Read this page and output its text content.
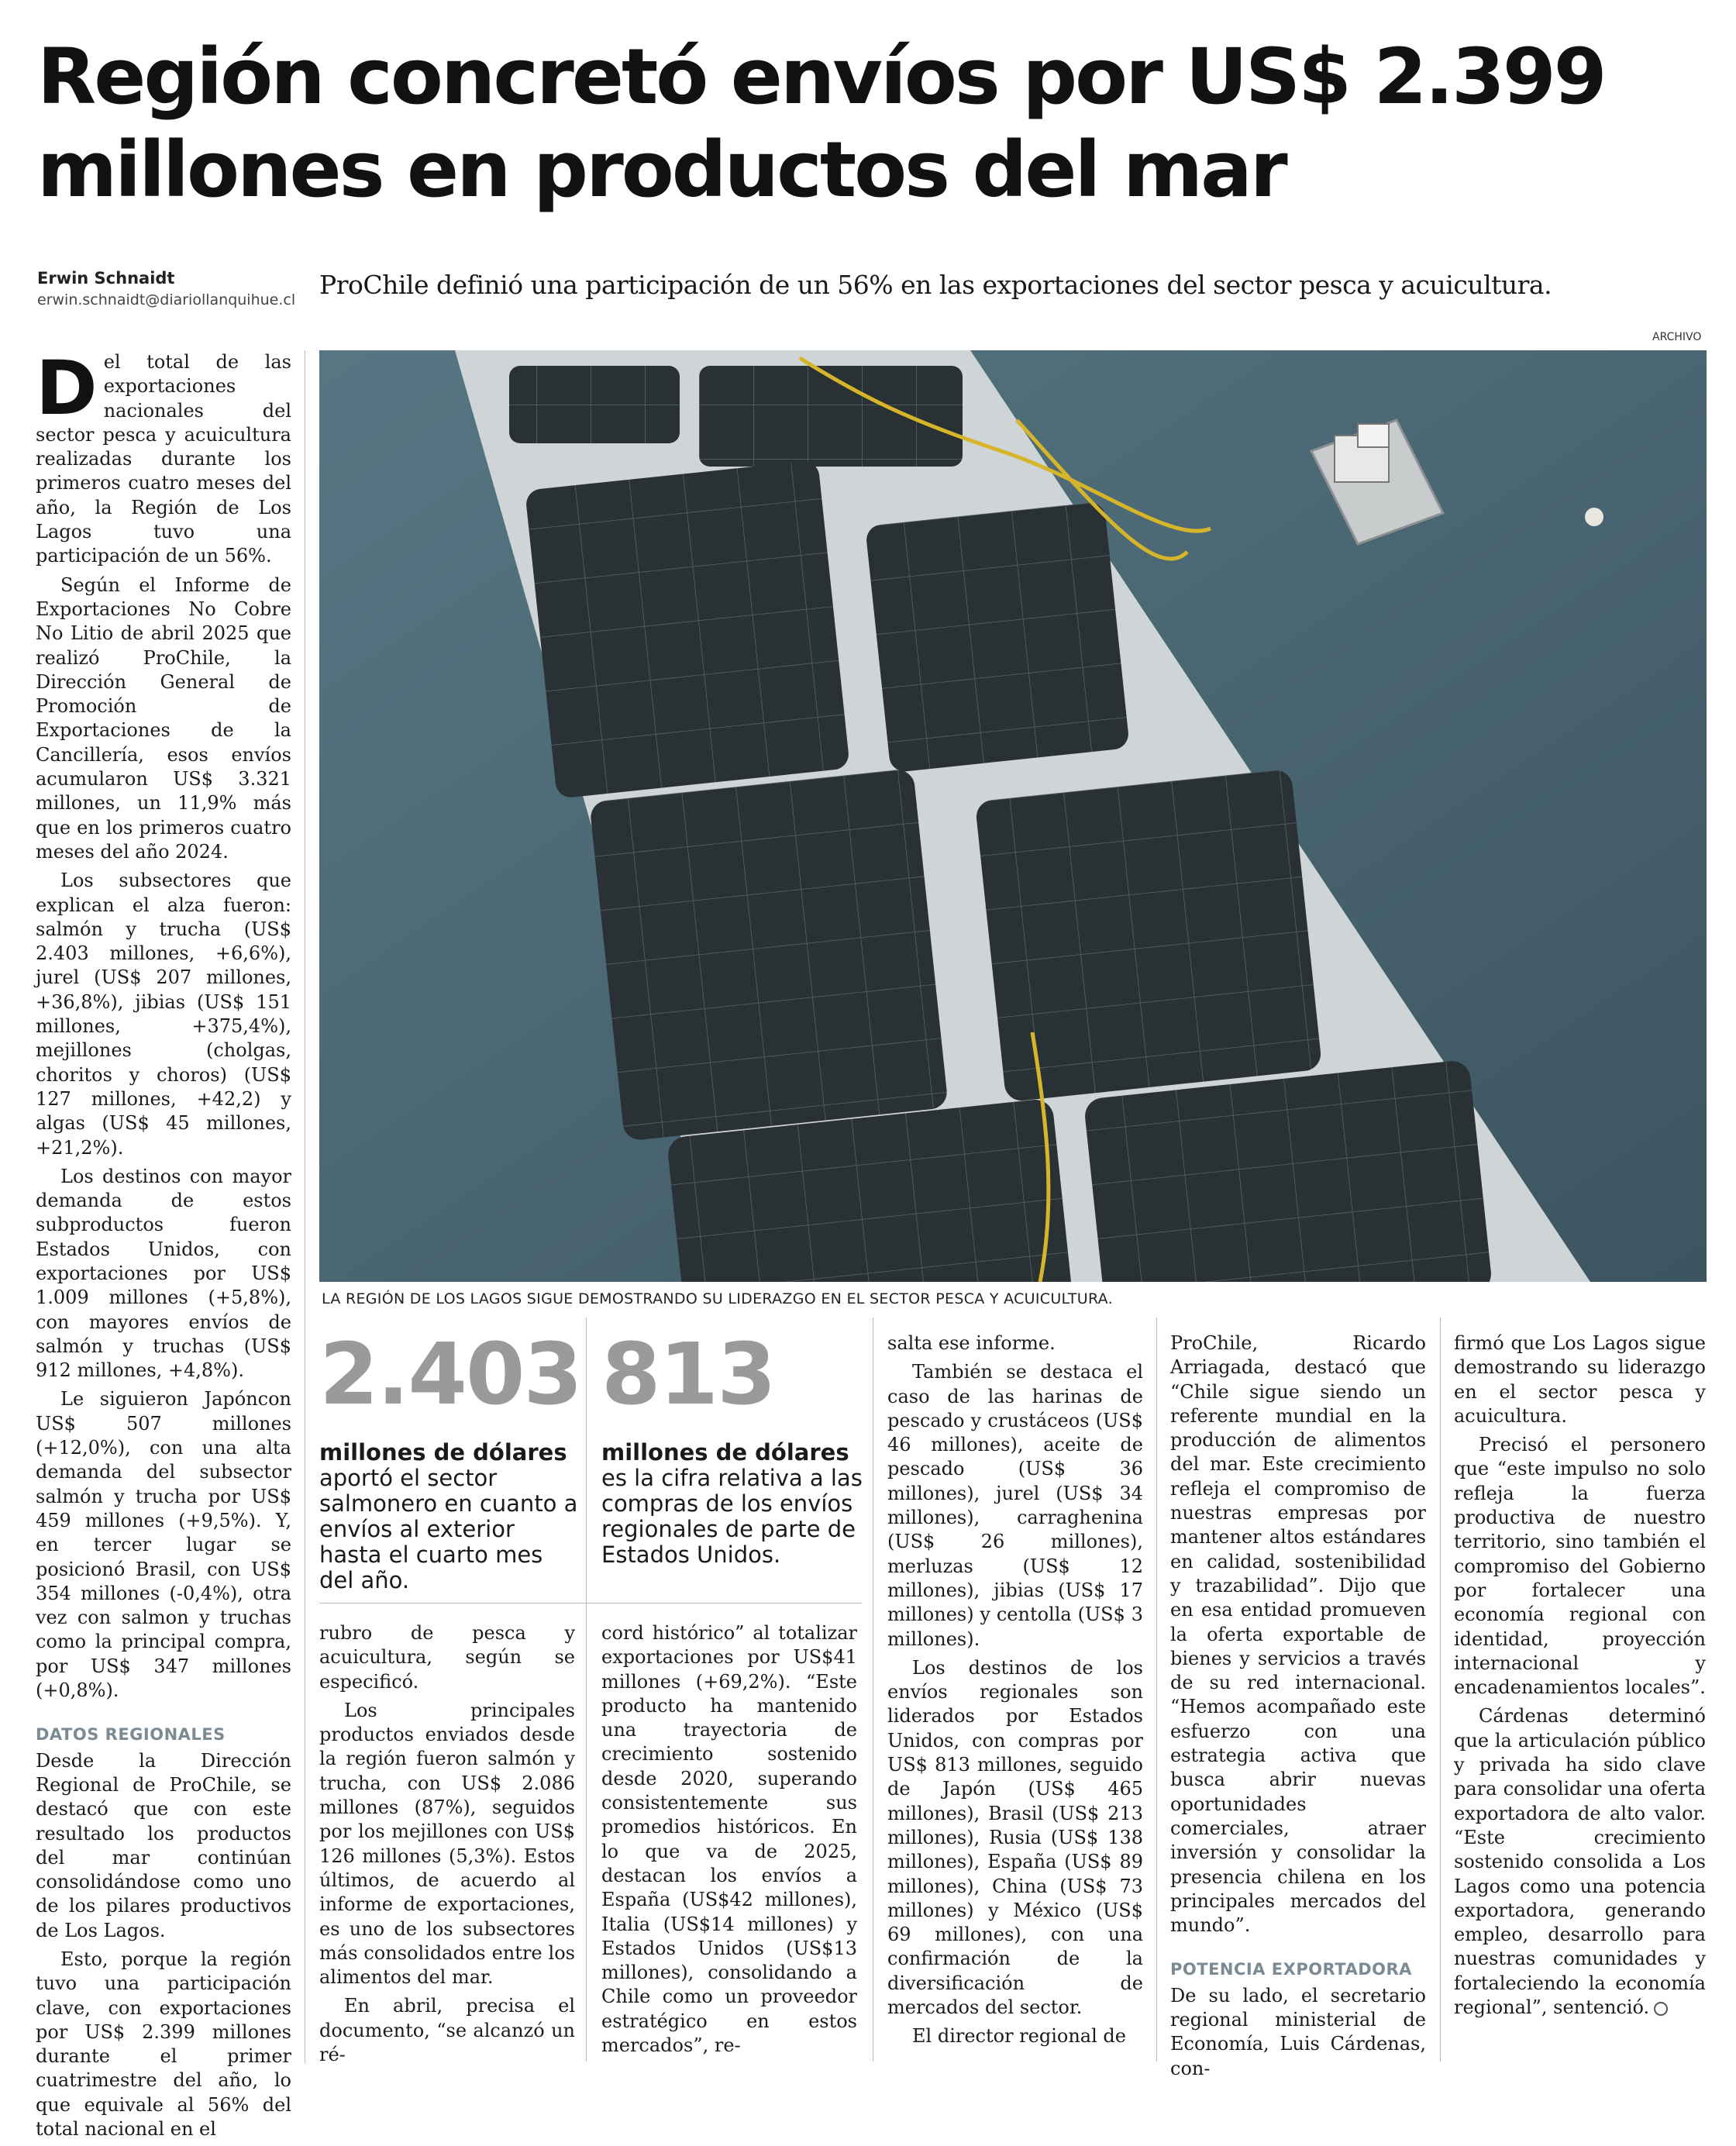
Región concretó envíos por US$ 2.399 millones en productos del mar
Erwin Schnaidt
erwin.schnaidt@diariollanquihue.cl ProChile definió una participación de un 56% en las exportaciones del sector pesca y acuicultura.
ARCHIVO
LA REGIÓN DE LOS LAGOS SIGUE DEMOSTRANDO SU LIDERAZGO EN EL SECTOR PESCA Y ACUICULTURA.

Del total de las exportaciones nacionales del sector pesca y acuicultura realizadas durante los primeros cuatro meses del año, la Región de Los Lagos tuvo una participación de un 56%.

Según el Informe de Exportaciones No Cobre No Litio de abril 2025 que realizó ProChile, la Dirección General de Promoción de Exportaciones de la Cancillería, esos envíos acumularon US$ 3.321 millones, un 11,9% más que en los primeros cuatro meses del año 2024.

Los subsectores que explican el alza fueron: salmón y trucha (US$ 2.403 millones, +6,6%), jurel (US$ 207 millones, +36,8%), jibias (US$ 151 millones, +375,4%), mejillones (cholgas, choritos y choros) (US$ 127 millones, +42,2) y algas (US$ 45 millones, +21,2%).

Los destinos con mayor demanda de estos subproductos fueron Estados Unidos, con exportaciones por US$ 1.009 millones (+5,8%), con mayores envíos de salmón y truchas (US$ 912 millones, +4,8%).

Le siguieron Japóncon US$ 507 millones (+12,0%), con una alta demanda del subsector salmón y trucha por US$ 459 millones (+9,5%). Y, en tercer lugar se posicionó Brasil, con US$ 354 millones (-0,4%), otra vez con salmon y truchas como la principal compra, por US$ 347 millones (+0,8%).

DATOS REGIONALES

Desde la Dirección Regional de ProChile, se destacó que con este resultado los productos del mar continúan consolidándose como uno de los pilares productivos de Los Lagos.

Esto, porque la región tuvo una participación clave, con exportaciones por US$ 2.399 millones durante el primer cuatrimestre del año, lo que equivale al 56% del total nacional en el

2.403
millones de dólares aportó el sector salmonero en cuanto a envíos al exterior hasta el cuarto mes del año.
813
millones de dólares es la cifra relativa a las compras de los envíos regionales de parte de Estados Unidos.

rubro de pesca y acuicultura, según se especificó.

Los principales productos enviados desde la región fueron salmón y trucha, con US$ 2.086 millones (87%), seguidos por los mejillones con US$ 126 millones (5,3%). Estos últimos, de acuerdo al informe de exportaciones, es uno de los subsectores más consolidados entre los alimentos del mar.

En abril, precisa el documento, “se alcanzó un ré-

cord histórico” al totalizar exportaciones por US$41 millones (+69,2%). “Este producto ha mantenido una trayectoria de crecimiento sostenido desde 2020, superando consistentemente sus promedios históricos. En lo que va de 2025, destacan los envíos a España (US$42 millones), Italia (US$14 millones) y Estados Unidos (US$13 millones), consolidando a Chile como un proveedor estratégico en estos mercados”, re-

salta ese informe.

También se destaca el caso de las harinas de pescado y crustáceos (US$ 46 millones), aceite de pescado (US$ 36 millones), jurel (US$ 34 millones), carraghenina (US$ 26 millones), merluzas (US$ 12 millones), jibias (US$ 17 millones) y centolla (US$ 3 millones).

Los destinos de los envíos regionales son liderados por Estados Unidos, con compras por US$ 813 millones, seguido de Japón (US$ 465 millones), Brasil (US$ 213 millones), Rusia (US$ 138 millones), España (US$ 89 millones), China (US$ 73 millones) y México (US$ 69 millones), con una confirmación de la diversificación de mercados del sector.

El director regional de

ProChile, Ricardo Arriagada, destacó que “Chile sigue siendo un referente mundial en la producción de alimentos del mar. Este crecimiento refleja el compromiso de nuestras empresas por mantener altos estándares en calidad, sostenibilidad y trazabilidad”. Dijo que en esa entidad promueven la oferta exportable de bienes y servicios a través de su red internacional. “Hemos acompañado este esfuerzo con una estrategia activa que busca abrir nuevas oportunidades comerciales, atraer inversión y consolidar la presencia chilena en los principales mercados del mundo”.

POTENCIA EXPORTADORA

De su lado, el secretario regional ministerial de Economía, Luis Cárdenas, con-

firmó que Los Lagos sigue demostrando su liderazgo en el sector pesca y acuicultura.

Precisó el personero que “este impulso no solo refleja la fuerza productiva de nuestro territorio, sino también el compromiso del Gobierno por fortalecer una economía regional con identidad, proyección internacional y encadenamientos locales”.

Cárdenas determinó que la articulación público y privada ha sido clave para consolidar una oferta exportadora de alto valor. “Este crecimiento sostenido consolida a Los Lagos como una potencia exportadora, generando empleo, desarrollo para nuestras comunidades y fortaleciendo la economía regional”, sentenció.
